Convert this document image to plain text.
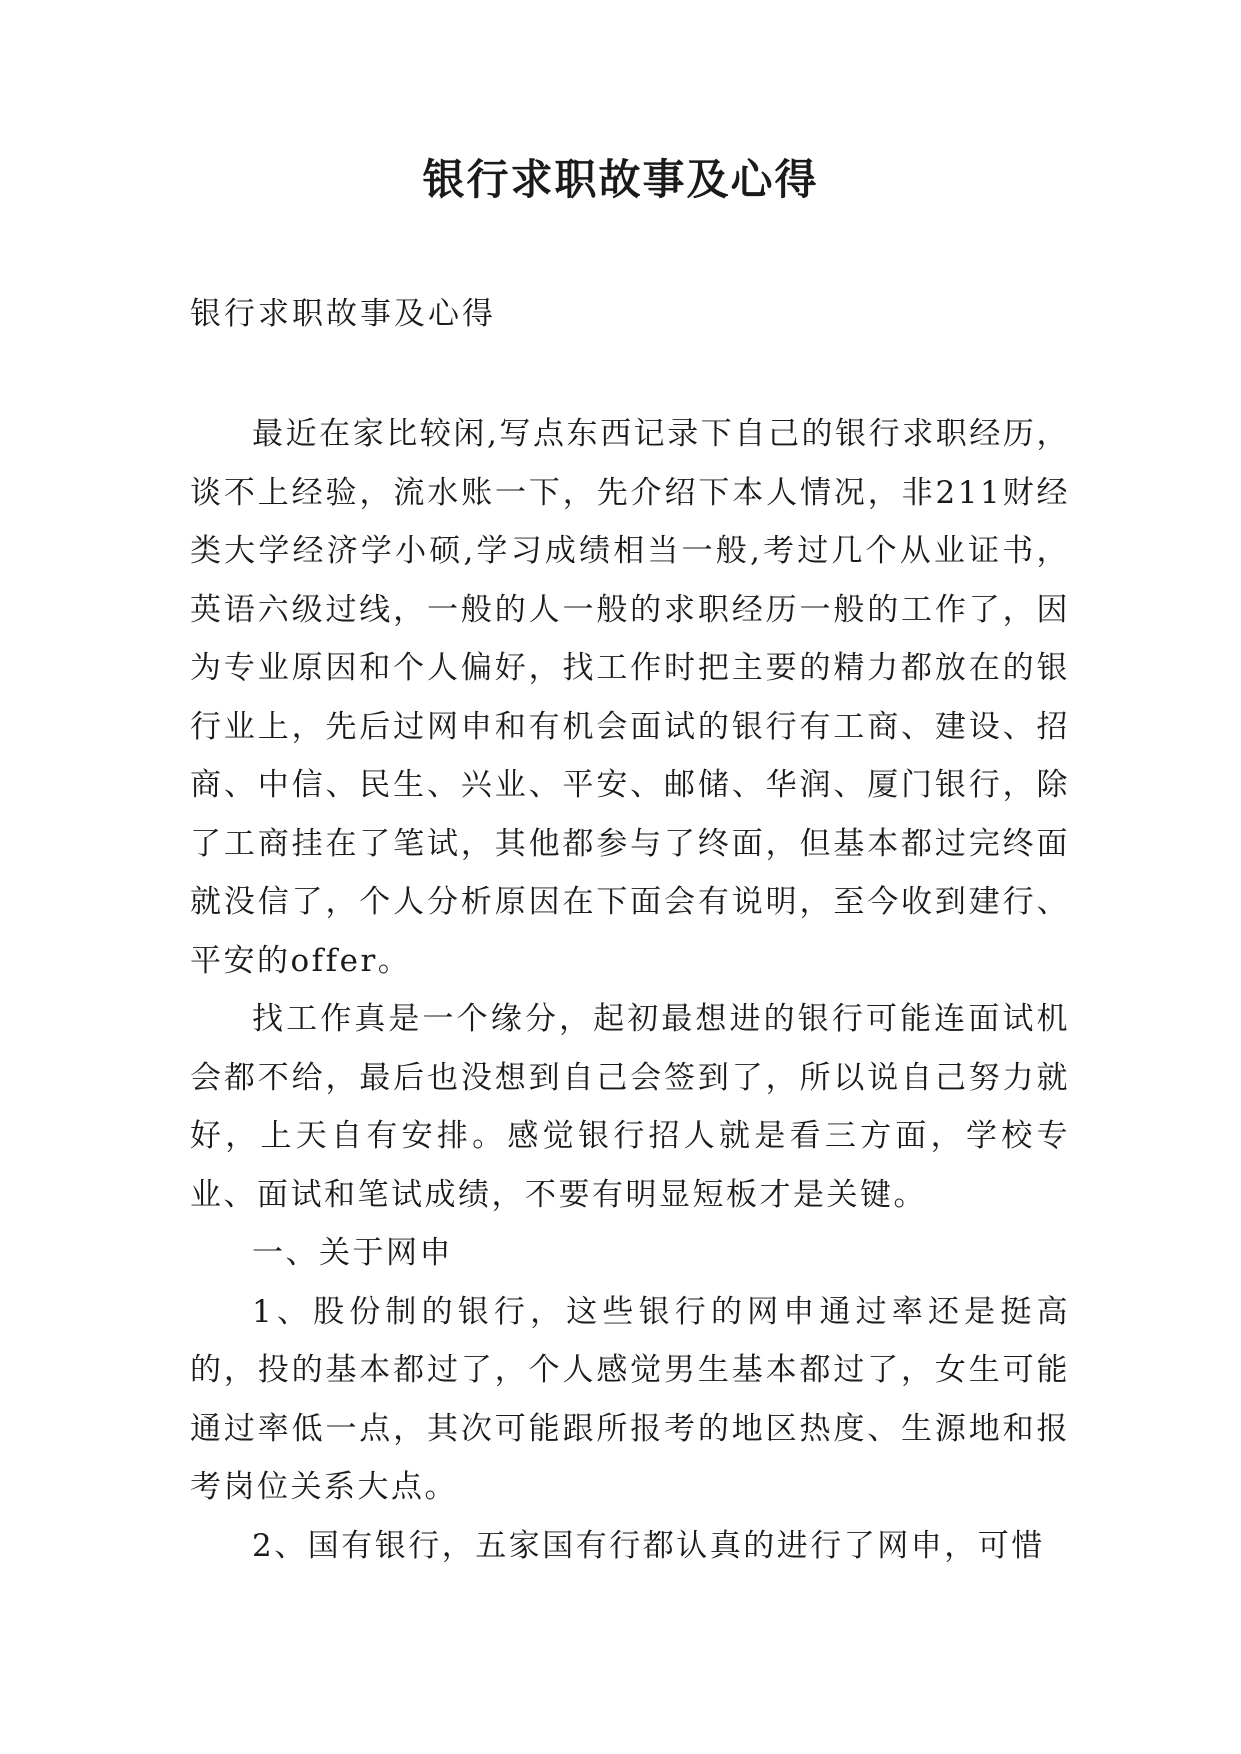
银行求职故事及心得

银行求职故事及心得

最近在家比较闲,写点东西记录下自己的银行求职经历，谈不上经验，流水账一下，先介绍下本人情况，非211财经类大学经济学小硕,学习成绩相当一般,考过几个从业证书，英语六级过线，一般的人一般的求职经历一般的工作了，因为专业原因和个人偏好，找工作时把主要的精力都放在的银行业上，先后过网申和有机会面试的银行有工商、建设、招商、中信、民生、兴业、平安、邮储、华润、厦门银行，除了工商挂在了笔试，其他都参与了终面，但基本都过完终面就没信了，个人分析原因在下面会有说明，至今收到建行、平安的offer。

找工作真是一个缘分，起初最想进的银行可能连面试机会都不给，最后也没想到自己会签到了，所以说自己努力就好，上天自有安排。感觉银行招人就是看三方面，学校专业、面试和笔试成绩，不要有明显短板才是关键。

一、关于网申

1、股份制的银行，这些银行的网申通过率还是挺高的，投的基本都过了，个人感觉男生基本都过了，女生可能通过率低一点，其次可能跟所报考的地区热度、生源地和报考岗位关系大点。

2、国有银行，五家国有行都认真的进行了网申，可惜
